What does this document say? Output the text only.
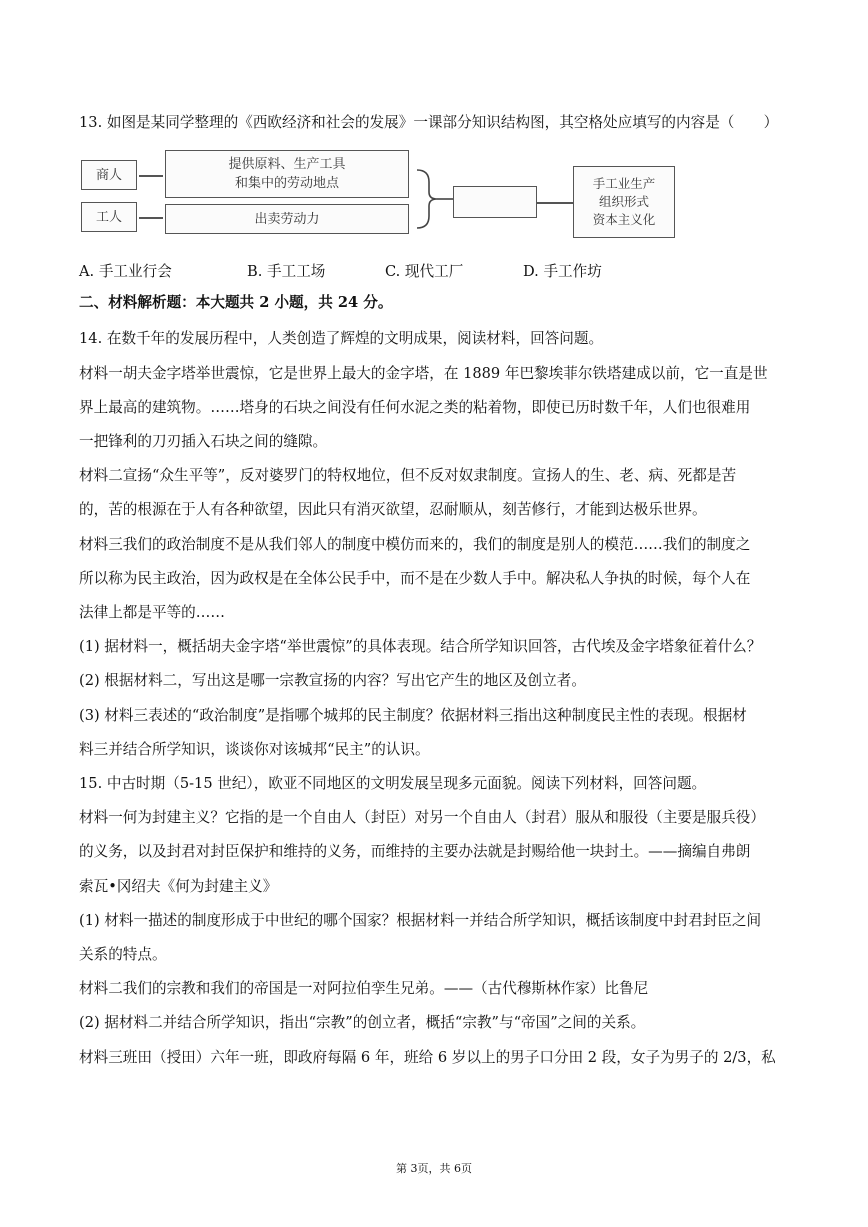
13. 如图是某同学整理的《西欧经济和社会的发展》一课部分知识结构图，其空格处应填写的内容是（　　）
商人
工人
提供原料、生产工具
和集中的劳动地点
出卖劳动力
手工业生产
组织形式
资本主义化
A. 手工业行会	B. 手工工场	C. 现代工厂	D. 手工作坊
二、材料解析题：本大题共 2 小题，共 24 分。
14. 在数千年的发展历程中，人类创造了辉煌的文明成果，阅读材料，回答问题。
材料一胡夫金字塔举世震惊，它是世界上最大的金字塔，在 1889 年巴黎埃菲尔铁塔建成以前，它一直是世
界上最高的建筑物。……塔身的石块之间没有任何水泥之类的粘着物，即使已历时数千年，人们也很难用
一把锋利的刀刃插入石块之间的缝隙。
材料二宣扬“众生平等”，反对婆罗门的特权地位，但不反对奴隶制度。宣扬人的生、老、病、死都是苦
的，苦的根源在于人有各种欲望，因此只有消灭欲望，忍耐顺从，刻苦修行，才能到达极乐世界。
材料三我们的政治制度不是从我们邻人的制度中模仿而来的，我们的制度是别人的模范……我们的制度之
所以称为民主政治，因为政权是在全体公民手中，而不是在少数人手中。解决私人争执的时候，每个人在
法律上都是平等的……
(1) 据材料一，概括胡夫金字塔“举世震惊”的具体表现。结合所学知识回答，古代埃及金字塔象征着什么？
(2) 根据材料二，写出这是哪一宗教宣扬的内容？写出它产生的地区及创立者。
(3) 材料三表述的“政治制度”是指哪个城邦的民主制度？依据材料三指出这种制度民主性的表现。根据材
料三并结合所学知识，谈谈你对该城邦“民主”的认识。
15. 中古时期（5-15 世纪），欧亚不同地区的文明发展呈现多元面貌。阅读下列材料，回答问题。
材料一何为封建主义？它指的是一个自由人（封臣）对另一个自由人（封君）服从和服役（主要是服兵役）
的义务，以及封君对封臣保护和维持的义务，而维持的主要办法就是封赐给他一块封土。——摘编自弗朗
索瓦•冈绍夫《何为封建主义》
(1) 材料一描述的制度形成于中世纪的哪个国家？根据材料一并结合所学知识，概括该制度中封君封臣之间
关系的特点。
材料二我们的宗教和我们的帝国是一对阿拉伯孪生兄弟。——（古代穆斯林作家）比鲁尼
(2) 据材料二并结合所学知识，指出“宗教”的创立者，概括“宗教”与“帝国”之间的关系。
材料三班田（授田）六年一班，即政府每隔 6 年，班给 6 岁以上的男子口分田 2 段，女子为男子的 2/3，私
第 3页，共 6页
